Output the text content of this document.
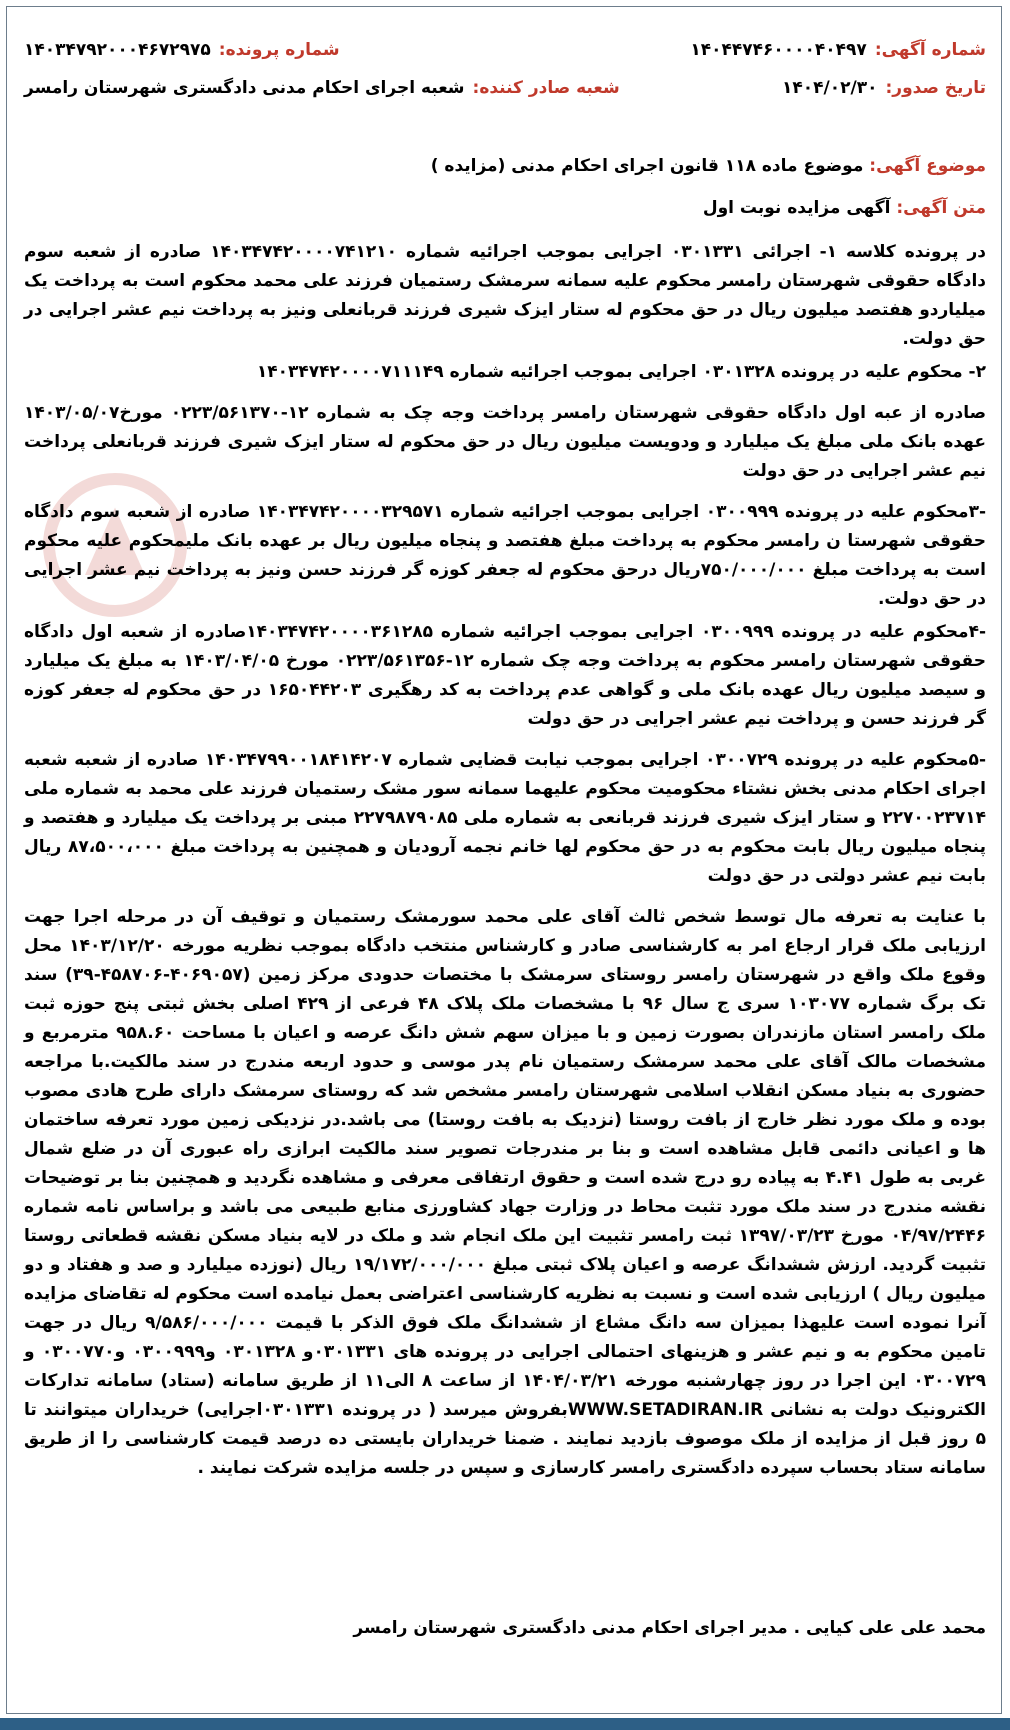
شماره آگهی:
۱۴۰۴۴۷۴۶۰۰۰۰۴۰۴۹۷
شماره پرونده:
۱۴۰۳۴۷۹۲۰۰۰۴۶۷۲۹۷۵
تاریخ صدور:
۱۴۰۴/۰۲/۳۰
شعبه صادر کننده:
شعبه اجرای احکام مدنی دادگستری شهرستان رامسر
موضوع آگهی: موضوع ماده ۱۱۸ قانون اجرای احکام مدنی (مزایده )
متن آگهی: آگهی مزایده نوبت اول

در پرونده کلاسه ۱- اجرائی ۰۳۰۱۳۳۱ اجرایی بموجب اجرائیه شماره ۱۴۰۳۴۷۴۲۰۰۰۰۷۴۱۲۱۰ صادره از شعبه سوم دادگاه حقوقی شهرستان رامسر محکوم علیه سمانه سرمشک رستمیان فرزند علی محمد محکوم است به پرداخت یک میلیاردو هفتصد میلیون ریال در حق محکوم له ستار ایزک شیری فرزند قربانعلی ونیز به پرداخت نیم عشر اجرایی در حق دولت.

۲- محکوم علیه در پرونده ۰۳۰۱۳۲۸ اجرایی بموجب اجرائیه شماره ۱۴۰۳۴۷۴۲۰۰۰۰۷۱۱۱۴۹

صادره از عبه اول دادگاه حقوقی شهرستان رامسر پرداخت وجه چک به شماره ۱۲-۰۲۲۳/۵۶۱۳۷۰ مورخ۱۴۰۳/۰۵/۰۷ عهده بانک ملی مبلغ یک میلیارد و ودویست میلیون ریال در حق محکوم له ستار ایزک شیری فرزند قربانعلی پرداخت نیم عشر اجرایی در حق دولت

-۳محکوم علیه در پرونده ۰۳۰۰۹۹۹ اجرایی بموجب اجرائیه شماره ۱۴۰۳۴۷۴۲۰۰۰۰۳۲۹۵۷۱ صادره از شعبه سوم دادگاه حقوقی شهرستا ن رامسر محکوم به پرداخت مبلغ هفتصد و پنجاه میلیون ریال بر عهده بانک ملیمحکوم علیه محکوم است به پرداخت مبلغ ۷۵۰/۰۰۰/۰۰۰ریال درحق محکوم له جعفر کوزه گر فرزند حسن ونیز به پرداخت نیم عشر اجرایی در حق دولت.

-۴محکوم علیه در پرونده ۰۳۰۰۹۹۹ اجرایی بموجب اجرائیه شماره ۱۴۰۳۴۷۴۲۰۰۰۰۳۶۱۲۸۵صادره از شعبه اول دادگاه حقوقی شهرستان رامسر محکوم به پرداخت وجه چک شماره ۱۲-۰۲۲۳/۵۶۱۳۵۶ مورخ ۱۴۰۳/۰۴/۰۵ به مبلغ یک میلیارد و سیصد میلیون ریال عهده بانک ملی و گواهی عدم پرداخت به کد رهگیری ۱۶۵۰۴۴۲۰۳ در حق محکوم له جعفر کوزه گر فرزند حسن و پرداخت نیم عشر اجرایی در حق دولت

-۵محکوم علیه در پرونده ۰۳۰۰۷۲۹ اجرایی بموجب نیابت قضایی شماره ۱۴۰۳۴۷۹۹۰۰۱۸۴۱۴۲۰۷ صادره از شعبه شعبه اجرای احکام مدنی بخش نشتاء محکومیت محکوم علیهما سمانه سور مشک رستمیان فرزند علی محمد به شماره ملی ۲۲۷۰۰۲۳۷۱۴ و ستار ایزک شیری فرزند قربانعی به شماره ملی ۲۲۷۹۸۷۹۰۸۵ مبنی بر پرداخت یک میلیارد و هفتصد و پنجاه میلیون ریال بابت محکوم به در حق محکوم لها خانم نجمه آرودیان و همچنین به پرداخت مبلغ ۸۷،۵۰۰،۰۰۰ ریال بابت نیم عشر دولتی در حق دولت

با عنایت به تعرفه مال توسط شخص ثالث آقای علی محمد سورمشک رستمیان و توقیف آن در مرحله اجرا جهت ارزیابی ملک قرار ارجاع امر به کارشناسی صادر و کارشناس منتخب دادگاه بموجب نظریه مورخه ۱۴۰۳/۱۲/۲۰ محل وقوع ملک واقع در شهرستان رامسر روستای سرمشک با مختصات حدودی مرکز زمین (۴۰۶۹۰۵۷-۴۵۸۷۰۶-۳۹) سند تک برگ شماره ۱۰۳۰۷۷ سری ج سال ۹۶ با مشخصات ملک پلاک ۴۸ فرعی از ۴۲۹ اصلی بخش ثبتی پنج حوزه ثبت ملک رامسر استان مازندران بصورت زمین و با میزان سهم شش دانگ عرصه و اعیان با مساحت ۹۵۸.۶۰ مترمربع و مشخصات مالک آقای علی محمد سرمشک رستمیان نام پدر موسی و حدود اربعه مندرج در سند مالکیت.با مراجعه حضوری به بنیاد مسکن انقلاب اسلامی شهرستان رامسر مشخص شد که روستای سرمشک دارای طرح هادی مصوب بوده و ملک مورد نظر خارج از بافت روستا (نزدیک به بافت روستا) می باشد.در نزدیکی زمین مورد تعرفه ساختمان ها و اعیانی دائمی قابل مشاهده است و بنا بر مندرجات تصویر سند مالکیت ابرازی راه عبوری آن در ضلع شمال غربی به طول ۴.۴۱ به پیاده رو درج شده است و حقوق ارتفاقی معرفی و مشاهده نگردید و همچنین بنا بر توضیحات نقشه مندرج در سند ملک مورد تثبت محاط در وزارت جهاد کشاورزی منابع طبیعی می باشد و براساس نامه شماره ۰۴/۹۷/۲۴۴۶ مورخ ۱۳۹۷/۰۳/۲۳ ثبت رامسر تثبیت این ملک انجام شد و ملک در لایه بنیاد مسکن نقشه قطعاتی روستا تثبیت گردید. ارزش ششدانگ عرصه و اعیان پلاک ثبتی مبلغ ۱۹/۱۷۲/۰۰۰/۰۰۰ ریال (نوزده میلیارد و صد و هفتاد و دو میلیون ریال ) ارزیابی شده است و نسبت به نظریه کارشناسی اعتراضی بعمل نیامده است محکوم له تقاضای مزایده آنرا نموده است علیهذا بمیزان سه دانگ مشاع از ششدانگ ملک فوق الذکر با قیمت ۹/۵۸۶/۰۰۰/۰۰۰ ریال در جهت تامین محکوم به و نیم عشر و هزینهای احتمالی اجرایی در پرونده های ۰۳۰۱۳۳۱و ۰۳۰۱۳۲۸ و۰۳۰۰۹۹۹ و۰۳۰۰۷۷۰ و ۰۳۰۰۷۲۹ این اجرا در روز چهارشنبه مورخه ۱۴۰۴/۰۳/۲۱ از ساعت ۸ الی۱۱ از طریق سامانه (ستاد) سامانه تدارکات الکترونیک دولت به نشانی WWW.SETADIRAN.IRبفروش میرسد ( در پرونده ۰۳۰۱۳۳۱اجرایی) خریداران میتوانند تا ۵ روز قبل از مزایده از ملک موصوف بازدید نمایند . ضمنا خریداران بایستی ده درصد قیمت کارشناسی را از طریق سامانه ستاد بحساب سپرده دادگستری رامسر کارسازی و سپس در جلسه مزایده شرکت نمایند .

محمد علی علی کیایی . مدیر اجرای احکام مدنی دادگستری شهرستان رامسر
